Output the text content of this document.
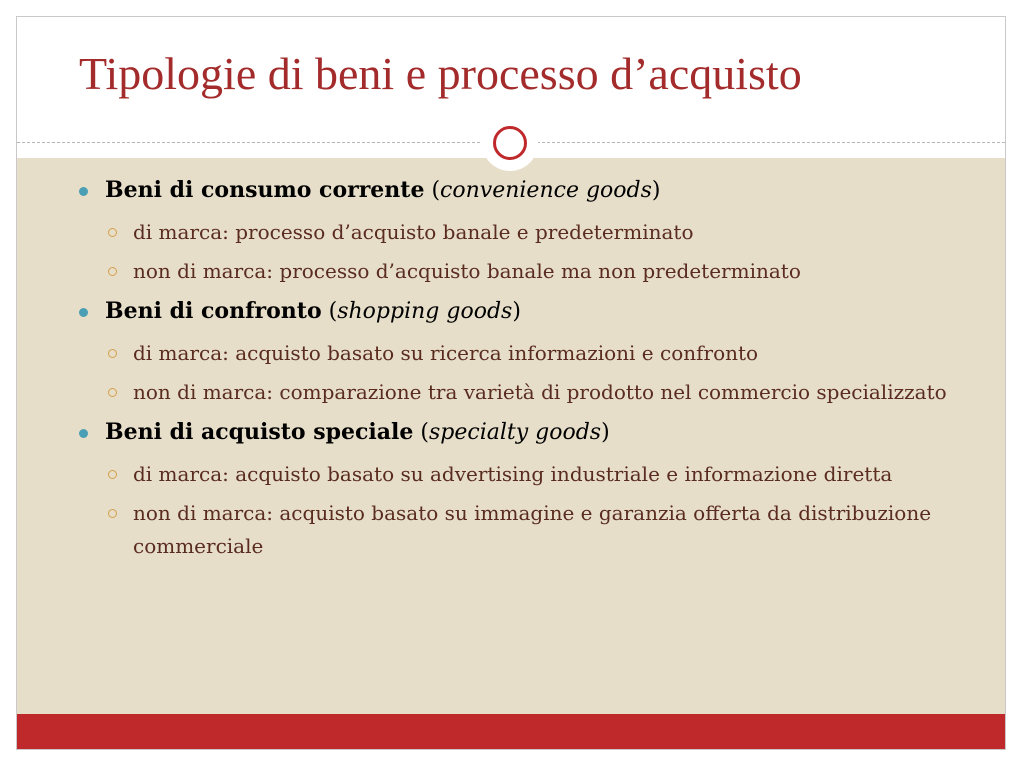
Tipologie di beni e processo d’acquisto
Beni di consumo corrente (convenience goods)
di marca: processo d’acquisto banale e predeterminato
non di marca: processo d’acquisto banale ma non predeterminato
Beni di confronto (shopping goods)
di marca: acquisto basato su ricerca informazioni e confronto
non di marca: comparazione tra varietà di prodotto nel commercio specializzato
Beni di acquisto speciale (specialty goods)
di marca: acquisto basato su advertising industriale e informazione diretta
non di marca: acquisto basato su immagine e garanzia offerta da distribuzione commerciale
